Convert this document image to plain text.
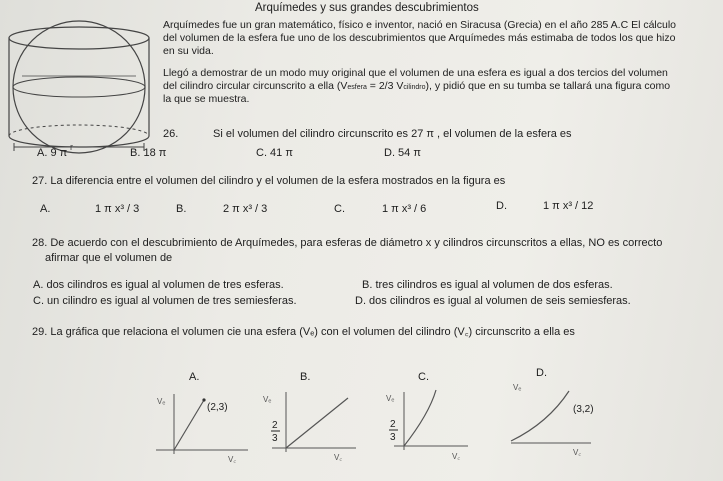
Arquímedes y sus grandes descubrimientos
r
Arquímedes fue un gran matemático, físico e inventor, nació en Siracusa (Grecia) en el año 285 A.C El cálculo
del volumen de la esfera fue uno de los descubrimientos que Arquímedes más estimaba de todos los que hizo
en su vida.
Llegó a demostrar de un modo muy original que el volumen de una esfera es igual a dos tercios del volumen
del cilindro circular circunscrito a ella (Vesfera = 2/3 Vcilindro), y pidió que en su tumba se tallará una figura como
la que se muestra.
26.	Si el volumen del cilindro circunscrito es 27 π , el volumen de la esfera es
A. 9 π	B. 18 π	C. 41 π	D. 54 π
27. La diferencia entre el volumen del cilindro y el volumen de la esfera mostrados en la figura es
A.	1 π x³ / 3	B.	2 π x³ / 3	C.	1 π x³ / 6	D.	1 π x³ / 12
28. De acuerdo con el descubrimiento de Arquímedes, para esferas de diámetro x y cilindros circunscritos a ellas, NO es correcto
afirmar que el volumen de
A. dos cilindros es igual al volumen de tres esferas.	B. tres cilindros es igual al volumen de dos esferas.
C. un cilindro es igual al volumen de tres semiesferas.	D. dos cilindros es igual al volumen de seis semiesferas.
29. La gráfica que relaciona el volumen cie una esfera (Vₑ) con el volumen del cilindro (V꜀) circunscrito a ella es
A.
Vₑ
V꜀
(2,3)
B.
Vₑ
V꜀
2
3
C.
Vₑ
V꜀
2
3
D.
Vₑ
V꜀
(3,2)
